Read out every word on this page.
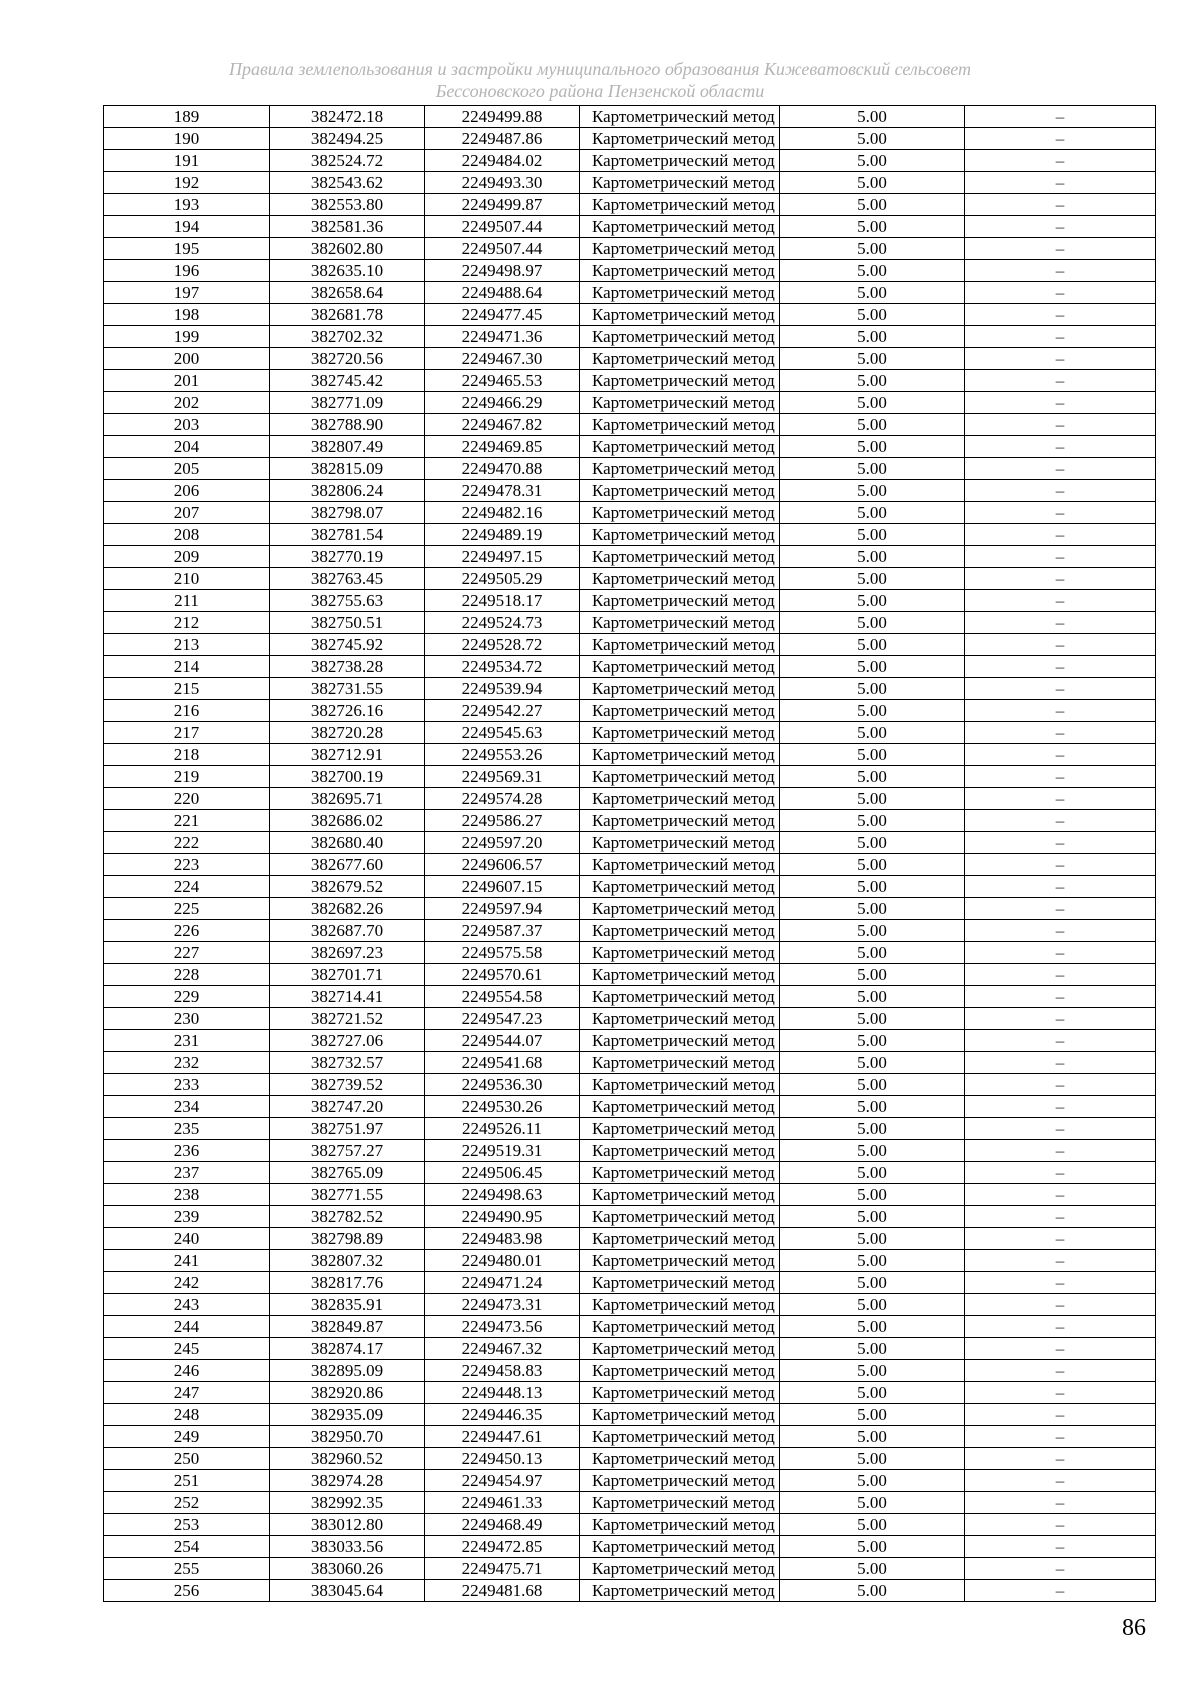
Правила землепользования и застройки муниципального образования Кижеватовский сельсовет
Бессоновского района Пензенской области
189	382472.18	2249499.88	Картометрический метод	5.00	–
190	382494.25	2249487.86	Картометрический метод	5.00	–
191	382524.72	2249484.02	Картометрический метод	5.00	–
192	382543.62	2249493.30	Картометрический метод	5.00	–
193	382553.80	2249499.87	Картометрический метод	5.00	–
194	382581.36	2249507.44	Картометрический метод	5.00	–
195	382602.80	2249507.44	Картометрический метод	5.00	–
196	382635.10	2249498.97	Картометрический метод	5.00	–
197	382658.64	2249488.64	Картометрический метод	5.00	–
198	382681.78	2249477.45	Картометрический метод	5.00	–
199	382702.32	2249471.36	Картометрический метод	5.00	–
200	382720.56	2249467.30	Картометрический метод	5.00	–
201	382745.42	2249465.53	Картометрический метод	5.00	–
202	382771.09	2249466.29	Картометрический метод	5.00	–
203	382788.90	2249467.82	Картометрический метод	5.00	–
204	382807.49	2249469.85	Картометрический метод	5.00	–
205	382815.09	2249470.88	Картометрический метод	5.00	–
206	382806.24	2249478.31	Картометрический метод	5.00	–
207	382798.07	2249482.16	Картометрический метод	5.00	–
208	382781.54	2249489.19	Картометрический метод	5.00	–
209	382770.19	2249497.15	Картометрический метод	5.00	–
210	382763.45	2249505.29	Картометрический метод	5.00	–
211	382755.63	2249518.17	Картометрический метод	5.00	–
212	382750.51	2249524.73	Картометрический метод	5.00	–
213	382745.92	2249528.72	Картометрический метод	5.00	–
214	382738.28	2249534.72	Картометрический метод	5.00	–
215	382731.55	2249539.94	Картометрический метод	5.00	–
216	382726.16	2249542.27	Картометрический метод	5.00	–
217	382720.28	2249545.63	Картометрический метод	5.00	–
218	382712.91	2249553.26	Картометрический метод	5.00	–
219	382700.19	2249569.31	Картометрический метод	5.00	–
220	382695.71	2249574.28	Картометрический метод	5.00	–
221	382686.02	2249586.27	Картометрический метод	5.00	–
222	382680.40	2249597.20	Картометрический метод	5.00	–
223	382677.60	2249606.57	Картометрический метод	5.00	–
224	382679.52	2249607.15	Картометрический метод	5.00	–
225	382682.26	2249597.94	Картометрический метод	5.00	–
226	382687.70	2249587.37	Картометрический метод	5.00	–
227	382697.23	2249575.58	Картометрический метод	5.00	–
228	382701.71	2249570.61	Картометрический метод	5.00	–
229	382714.41	2249554.58	Картометрический метод	5.00	–
230	382721.52	2249547.23	Картометрический метод	5.00	–
231	382727.06	2249544.07	Картометрический метод	5.00	–
232	382732.57	2249541.68	Картометрический метод	5.00	–
233	382739.52	2249536.30	Картометрический метод	5.00	–
234	382747.20	2249530.26	Картометрический метод	5.00	–
235	382751.97	2249526.11	Картометрический метод	5.00	–
236	382757.27	2249519.31	Картометрический метод	5.00	–
237	382765.09	2249506.45	Картометрический метод	5.00	–
238	382771.55	2249498.63	Картометрический метод	5.00	–
239	382782.52	2249490.95	Картометрический метод	5.00	–
240	382798.89	2249483.98	Картометрический метод	5.00	–
241	382807.32	2249480.01	Картометрический метод	5.00	–
242	382817.76	2249471.24	Картометрический метод	5.00	–
243	382835.91	2249473.31	Картометрический метод	5.00	–
244	382849.87	2249473.56	Картометрический метод	5.00	–
245	382874.17	2249467.32	Картометрический метод	5.00	–
246	382895.09	2249458.83	Картометрический метод	5.00	–
247	382920.86	2249448.13	Картометрический метод	5.00	–
248	382935.09	2249446.35	Картометрический метод	5.00	–
249	382950.70	2249447.61	Картометрический метод	5.00	–
250	382960.52	2249450.13	Картометрический метод	5.00	–
251	382974.28	2249454.97	Картометрический метод	5.00	–
252	382992.35	2249461.33	Картометрический метод	5.00	–
253	383012.80	2249468.49	Картометрический метод	5.00	–
254	383033.56	2249472.85	Картометрический метод	5.00	–
255	383060.26	2249475.71	Картометрический метод	5.00	–
256	383045.64	2249481.68	Картометрический метод	5.00	–
86
